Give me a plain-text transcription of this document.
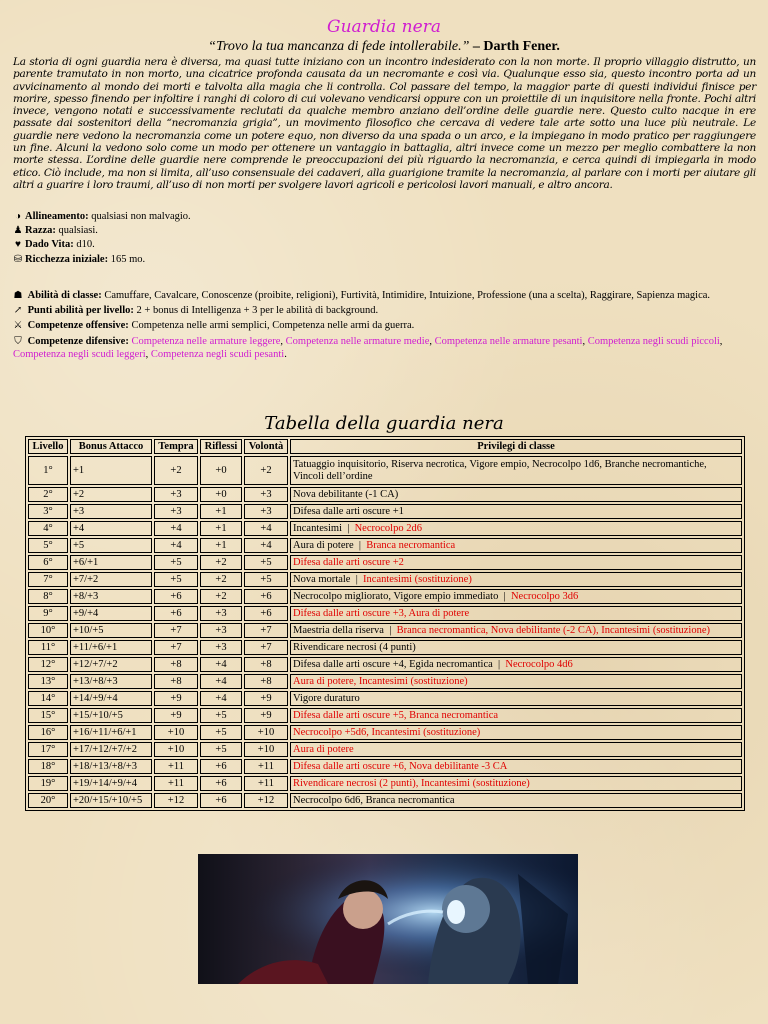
Guardia nera
“Trovo la tua mancanza di fede intollerabile.” – Darth Fener.
La storia di ogni guardia nera è diversa, ma quasi tutte iniziano con un incontro indesiderato con la non morte. Il proprio villaggio distrutto, un parente tramutato in non morto, una cicatrice profonda causata da un necromante e così via. Qualunque esso sia, questo incontro porta ad un avvicinamento al mondo dei morti e talvolta alla magia che li controlla. Col passare del tempo, la maggior parte di questi individui finisce per morire, spesso finendo per infoltire i ranghi di coloro di cui volevano vendicarsi oppure con un proiettile di un inquisitore nella fronte. Pochi altri invece, vengono notati e successivamente reclutati da qualche membro anziano dell’ordine delle guardie nere. Questo culto nacque in ere passate dai sostenitori della “necromanzia grigia”, un movimento filosofico che cercava di vedere tale arte sotto una luce più neutrale. Le guardie nere vedono la necromanzia come un potere equo, non diverso da una spada o un arco, e la impiegano in modo pratico per raggiungere un fine. Alcuni la vedono solo come un modo per ottenere un vantaggio in battaglia, altri invece come un mezzo per meglio combattere la non morte stessa. L’ordine delle guardie nere comprende le preoccupazioni dei più riguardo la necromanzia, e cerca quindi di impiegarla in modo etico. Ciò include, ma non si limita, all’uso consensuale dei cadaveri, alla guarigione tramite la necromanzia, al parlare con i morti per aiutare gli altri a guarire i loro traumi, all’uso di non morti per svolgere lavori agricoli e pericolosi lavori manuali, e altro ancora.
◑ Allineamento: qualsiasi non malvagio.
♟ Razza: qualsiasi.
♥ Dado Vita: d10.
⛁ Ricchezza iniziale: 165 mo.
☗ Abilità di classe: Camuffare, Cavalcare, Conoscenze (proibite, religioni), Furtività, Intimidire, Intuizione, Professione (una a scelta), Raggirare, Sapienza magica.
↗ Punti abilità per livello: 2 + bonus di Intelligenza + 3 per le abilità di background.
⚔ Competenze offensive: Competenza nelle armi semplici, Competenza nelle armi da guerra.
⛉ Competenze difensive: Competenza nelle armature leggere, Competenza nelle armature medie, Competenza nelle armature pesanti, Competenza negli scudi piccoli, Competenza negli scudi leggeri, Competenza negli scudi pesanti.
Tabella della guardia nera
Livello	Bonus Attacco	Tempra	Riflessi	Volontà	Privilegi di classe
1°	+1	+2	+0	+2	Tatuaggio inquisitorio, Riserva necrotica, Vigore empio, Necrocolpo 1d6, Branche necromantiche, Vincoli dell’ordine
2°	+2	+3	+0	+3	Nova debilitante (-1 CA)
3°	+3	+3	+1	+3	Difesa dalle arti oscure +1
4°	+4	+4	+1	+4	Incantesimi  |  Necrocolpo 2d6
5°	+5	+4	+1	+4	Aura di potere  |  Branca necromantica
6°	+6/+1	+5	+2	+5	Difesa dalle arti oscure +2
7°	+7/+2	+5	+2	+5	Nova mortale  |  Incantesimi (sostituzione)
8°	+8/+3	+6	+2	+6	Necrocolpo migliorato, Vigore empio immediato  |  Necrocolpo 3d6
9°	+9/+4	+6	+3	+6	Difesa dalle arti oscure +3, Aura di potere
10°	+10/+5	+7	+3	+7	Maestria della riserva  |  Branca necromantica, Nova debilitante (-2 CA), Incantesimi (sostituzione)
11°	+11/+6/+1	+7	+3	+7	Rivendicare necrosi (4 punti)
12°	+12/+7/+2	+8	+4	+8	Difesa dalle arti oscure +4, Egida necromantica  |  Necrocolpo 4d6
13°	+13/+8/+3	+8	+4	+8	Aura di potere, Incantesimi (sostituzione)
14°	+14/+9/+4	+9	+4	+9	Vigore duraturo
15°	+15/+10/+5	+9	+5	+9	Difesa dalle arti oscure +5, Branca necromantica
16°	+16/+11/+6/+1	+10	+5	+10	Necrocolpo +5d6, Incantesimi (sostituzione)
17°	+17/+12/+7/+2	+10	+5	+10	Aura di potere
18°	+18/+13/+8/+3	+11	+6	+11	Difesa dalle arti oscure +6, Nova debilitante -3 CA
19°	+19/+14/+9/+4	+11	+6	+11	Rivendicare necrosi (2 punti), Incantesimi (sostituzione)
20°	+20/+15/+10/+5	+12	+6	+12	Necrocolpo 6d6, Branca necromantica
